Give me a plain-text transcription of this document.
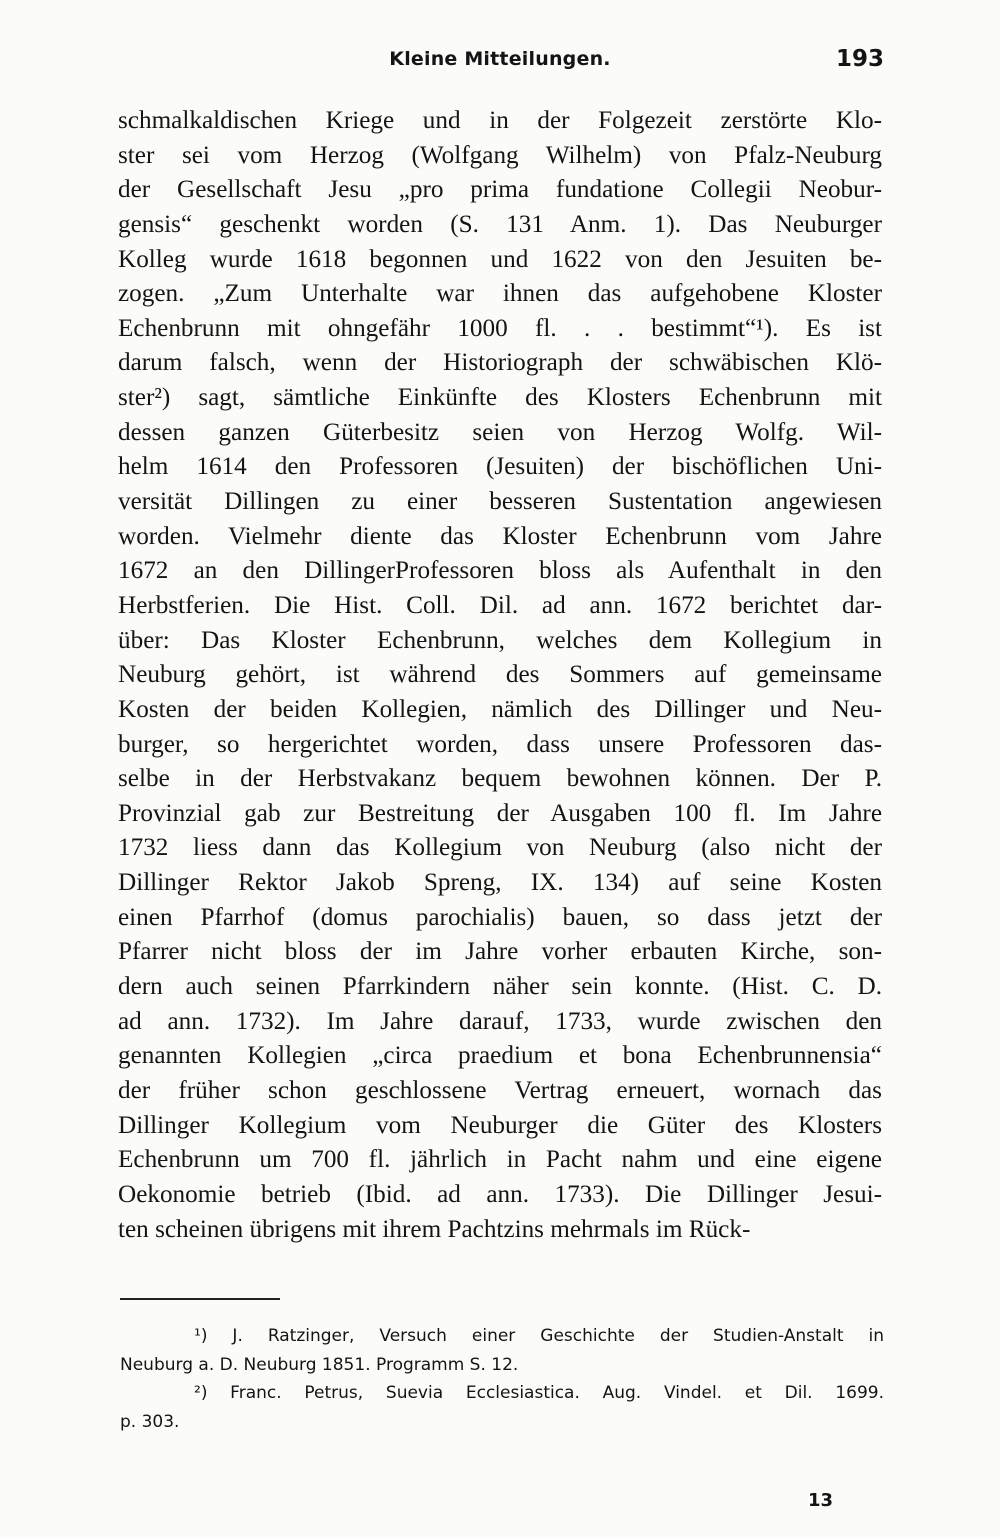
Kleine Mitteilungen.	193
schmalkaldischen Kriege und in der Folgezeit zerstörte Klo-
ster sei vom Herzog (Wolfgang Wilhelm) von Pfalz-Neuburg
der Gesellschaft Jesu „pro prima fundatione Collegii Neobur-
gensis“ geschenkt worden (S. 131 Anm. 1). Das Neuburger
Kolleg wurde 1618 begonnen und 1622 von den Jesuiten be-
zogen. „Zum Unterhalte war ihnen das aufgehobene Kloster
Echenbrunn mit ohngefähr 1000 fl. . . bestimmt“¹). Es ist
darum falsch, wenn der Historiograph der schwäbischen Klö-
ster²) sagt, sämtliche Einkünfte des Klosters Echenbrunn mit
dessen ganzen Güterbesitz seien von Herzog Wolfg. Wil-
helm 1614 den Professoren (Jesuiten) der bischöflichen Uni-
versität Dillingen zu einer besseren Sustentation angewiesen
worden. Vielmehr diente das Kloster Echenbrunn vom Jahre
1672 an den DillingerProfessoren bloss als Aufenthalt in den
Herbstferien. Die Hist. Coll. Dil. ad ann. 1672 berichtet dar-
über: Das Kloster Echenbrunn, welches dem Kollegium in
Neuburg gehört, ist während des Sommers auf gemeinsame
Kosten der beiden Kollegien, nämlich des Dillinger und Neu-
burger, so hergerichtet worden, dass unsere Professoren das-
selbe in der Herbstvakanz bequem bewohnen können. Der P.
Provinzial gab zur Bestreitung der Ausgaben 100 fl. Im Jahre
1732 liess dann das Kollegium von Neuburg (also nicht der
Dillinger Rektor Jakob Spreng, IX. 134) auf seine Kosten
einen Pfarrhof (domus parochialis) bauen, so dass jetzt der
Pfarrer nicht bloss der im Jahre vorher erbauten Kirche, son-
dern auch seinen Pfarrkindern näher sein konnte. (Hist. C. D.
ad ann. 1732). Im Jahre darauf, 1733, wurde zwischen den
genannten Kollegien „circa praedium et bona Echenbrunnensia“
der früher schon geschlossene Vertrag erneuert, wornach das
Dillinger Kollegium vom Neuburger die Güter des Klosters
Echenbrunn um 700 fl. jährlich in Pacht nahm und eine eigene
Oekonomie betrieb (Ibid. ad ann. 1733). Die Dillinger Jesui-
ten scheinen übrigens mit ihrem Pachtzins mehrmals im Rück-
¹) J. Ratzinger, Versuch einer Geschichte der Studien-Anstalt in
Neuburg a. D. Neuburg 1851. Programm S. 12.
²) Franc. Petrus, Suevia Ecclesiastica. Aug. Vindel. et Dil. 1699.
p. 303.
13
